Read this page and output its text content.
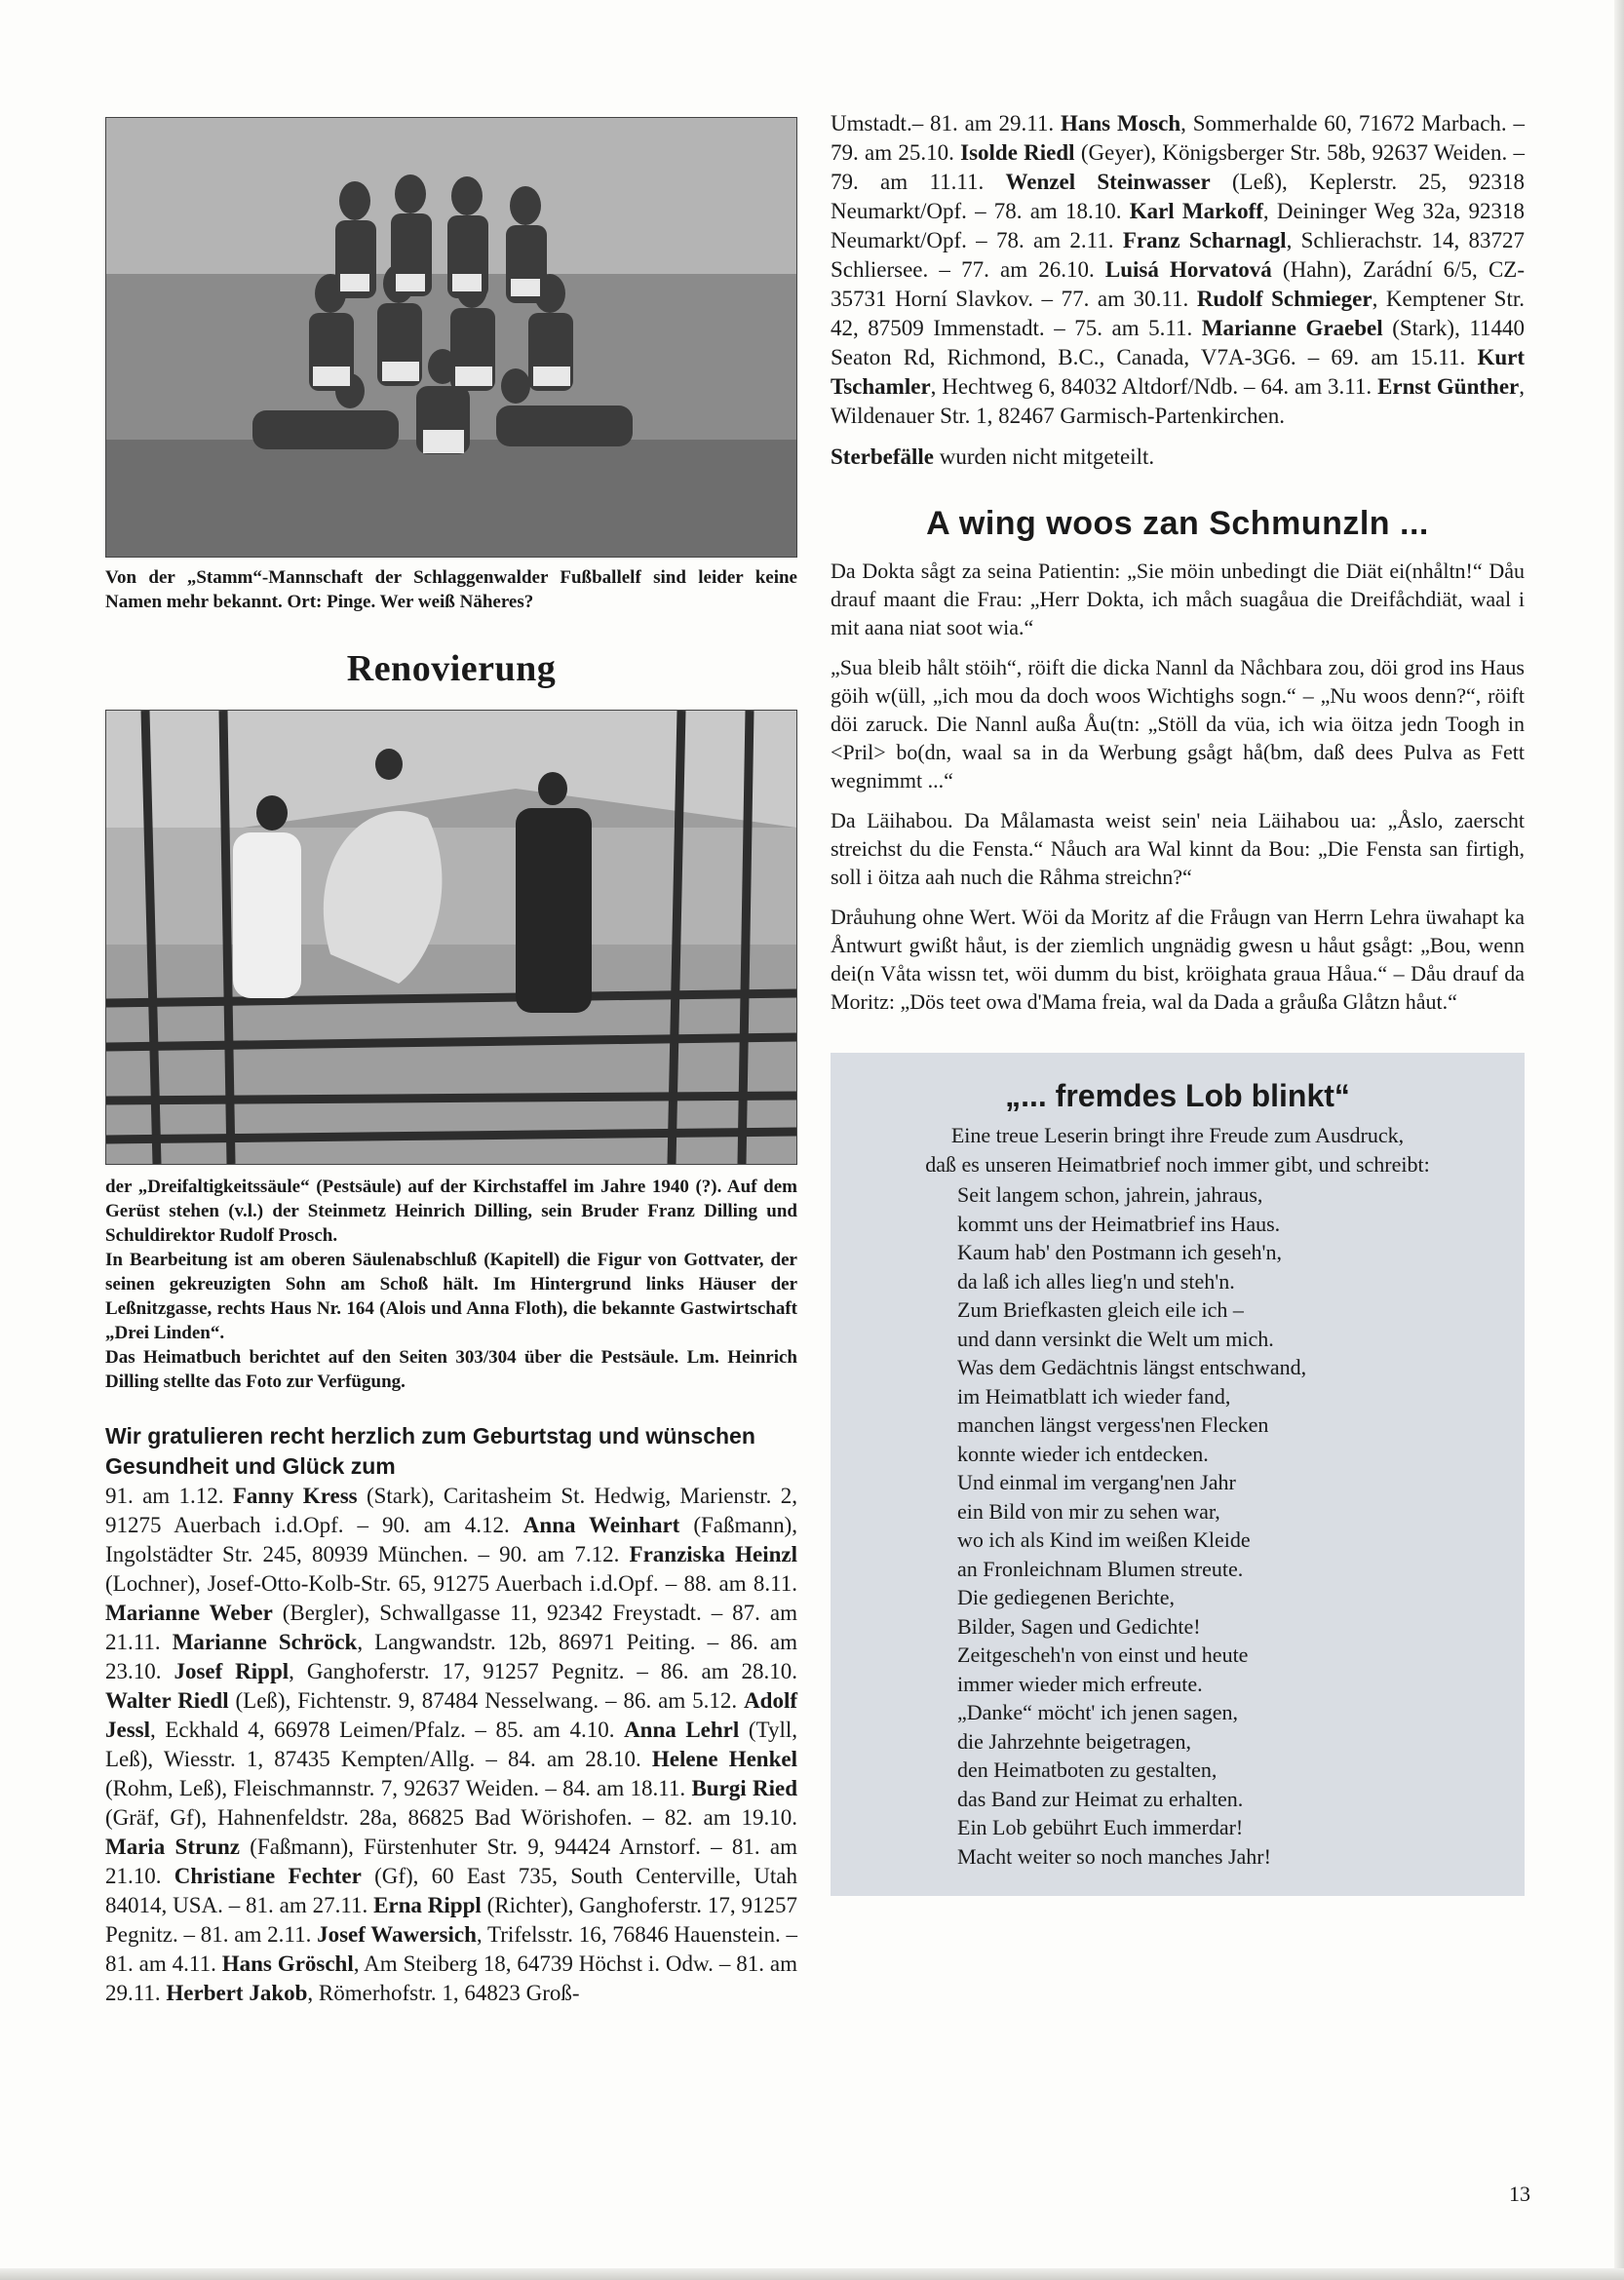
Von der „Stamm“-Mannschaft der Schlaggenwalder Fußballelf sind leider keine Namen mehr bekannt. Ort: Pinge. Wer weiß Näheres?
Renovierung

der „Dreifaltigkeitssäule“ (Pestsäule) auf der Kirchstaffel im Jahre 1940 (?). Auf dem Gerüst stehen (v.l.) der Steinmetz Heinrich Dilling, sein Bruder Franz Dilling und Schuldirektor Rudolf Prosch.

In Bearbeitung ist am oberen Säulenabschluß (Kapitell) die Figur von Gottvater, der seinen gekreuzigten Sohn am Schoß hält. Im Hintergrund links Häuser der Leßnitzgasse, rechts Haus Nr. 164 (Alois und Anna Floth), die bekannte Gastwirtschaft „Drei Linden“.

Das Heimatbuch berichtet auf den Seiten 303/304 über die Pestsäule. Lm. Heinrich Dilling stellte das Foto zur Verfügung.

Wir gratulieren recht herzlich zum Geburtstag und wünschen Gesundheit und Glück zum

91. am 1.12. Fanny Kress (Stark), Caritasheim St. Hedwig, Marienstr. 2, 91275 Auerbach i.d.Opf. – 90. am 4.12. Anna Weinhart (Faßmann), Ingolstädter Str. 245, 80939 München. – 90. am 7.12. Franziska Heinzl (Lochner), Josef-Otto-Kolb-Str. 65, 91275 Auerbach i.d.Opf. – 88. am 8.11. Marianne Weber (Bergler), Schwallgasse 11, 92342 Freystadt. – 87. am 21.11. Marianne Schröck, Langwandstr. 12b, 86971 Peiting. – 86. am 23.10. Josef Rippl, Ganghoferstr. 17, 91257 Pegnitz. – 86. am 28.10. Walter Riedl (Leß), Fichtenstr. 9, 87484 Nesselwang. – 86. am 5.12. Adolf Jessl, Eckhald 4, 66978 Leimen/Pfalz. – 85. am 4.10. Anna Lehrl (Tyll, Leß), Wiesstr. 1, 87435 Kempten/Allg. – 84. am 28.10. Helene Henkel (Rohm, Leß), Fleischmannstr. 7, 92637 Weiden. – 84. am 18.11. Burgi Ried (Gräf, Gf), Hahnenfeldstr. 28a, 86825 Bad Wörishofen. – 82. am 19.10. Maria Strunz (Faßmann), Fürstenhuter Str. 9, 94424 Arnstorf. – 81. am 21.10. Christiane Fechter (Gf), 60 East 735, South Centerville, Utah 84014, USA. – 81. am 27.11. Erna Rippl (Richter), Ganghoferstr. 17, 91257 Pegnitz. – 81. am 2.11. Josef Wawersich, Trifelsstr. 16, 76846 Hauenstein. – 81. am 4.11. Hans Gröschl, Am Steiberg 18, 64739 Höchst i. Odw. – 81. am 29.11. Herbert Jakob, Römerhofstr. 1, 64823 Groß-

Umstadt.– 81. am 29.11. Hans Mosch, Sommerhalde 60, 71672 Marbach. – 79. am 25.10. Isolde Riedl (Geyer), Königsberger Str. 58b, 92637 Weiden. – 79. am 11.11. Wenzel Steinwasser (Leß), Keplerstr. 25, 92318 Neumarkt/Opf. – 78. am 18.10. Karl Markoff, Deininger Weg 32a, 92318 Neumarkt/Opf. – 78. am 2.11. Franz Scharnagl, Schlierachstr. 14, 83727 Schliersee. – 77. am 26.10. Luisá Horvatová (Hahn), Zarádní 6/5, CZ-35731 Horní Slavkov. – 77. am 30.11. Rudolf Schmieger, Kemptener Str. 42, 87509 Immenstadt. – 75. am 5.11. Marianne Graebel (Stark), 11440 Seaton Rd, Richmond, B.C., Canada, V7A-3G6. – 69. am 15.11. Kurt Tschamler, Hechtweg 6, 84032 Altdorf/Ndb. – 64. am 3.11. Ernst Günther, Wildenauer Str. 1, 82467 Garmisch-Partenkirchen.

Sterbefälle wurden nicht mitgeteilt.

A wing woos zan Schmunzln ...

Da Dokta sågt za seina Patientin: „Sie möin unbedingt die Diät ei(nhåltn!“ Dåu drauf maant die Frau: „Herr Dokta, ich måch suagåua die Dreifåchdiät, waal i mit aana niat soot wia.“

„Sua bleib hålt stöih“, röift die dicka Nannl da Nåchbara zou, döi grod ins Haus göih w(üll, „ich mou da doch woos Wichtighs sogn.“ – „Nu woos denn?“, röift döi zaruck. Die Nannl außa Åu(tn: „Stöll da vüa, ich wia öitza jedn Toogh in <Pril> bo(dn, waal sa in da Werbung gsågt hå(bm, daß dees Pulva as Fett wegnimmt ...“

Da Läihabou. Da Målamasta weist sein' neia Läihabou ua: „Åslo, zaerscht streichst du die Fensta.“ Nåuch ara Wal kinnt da Bou: „Die Fensta san firtigh, soll i öitza aah nuch die Råhma streichn?“

Dråuhung ohne Wert. Wöi da Moritz af die Fråugn van Herrn Lehra üwahapt ka Åntwurt gwißt håut, is der ziemlich ungnädig gwesn u håut gsågt: „Bou, wenn dei(n Våta wissn tet, wöi dumm du bist, kröighata graua Håua.“ – Dåu drauf da Moritz: „Dös teet owa d'Mama freia, wal da Dada a gråußa Glåtzn håut.“

„... fremdes Lob blinkt“

Eine treue Leserin bringt ihre Freude zum Ausdruck,

daß es unseren Heimatbrief noch immer gibt, und schreibt:

Seit langem schon, jahrein, jahraus,
kommt uns der Heimatbrief ins Haus.
Kaum hab' den Postmann ich geseh'n,
da laß ich alles lieg'n und steh'n.
Zum Briefkasten gleich eile ich –
und dann versinkt die Welt um mich.
Was dem Gedächtnis längst entschwand,
im Heimatblatt ich wieder fand,
manchen längst vergess'nen Flecken
konnte wieder ich entdecken.
Und einmal im vergang'nen Jahr
ein Bild von mir zu sehen war,
wo ich als Kind im weißen Kleide
an Fronleichnam Blumen streute.
Die gediegenen Berichte,
Bilder, Sagen und Gedichte!
Zeitgescheh'n von einst und heute
immer wieder mich erfreute.
„Danke“ möcht' ich jenen sagen,
die Jahrzehnte beigetragen,
den Heimatboten zu gestalten,
das Band zur Heimat zu erhalten.
Ein Lob gebührt Euch immerdar!
Macht weiter so noch manches Jahr!
13
